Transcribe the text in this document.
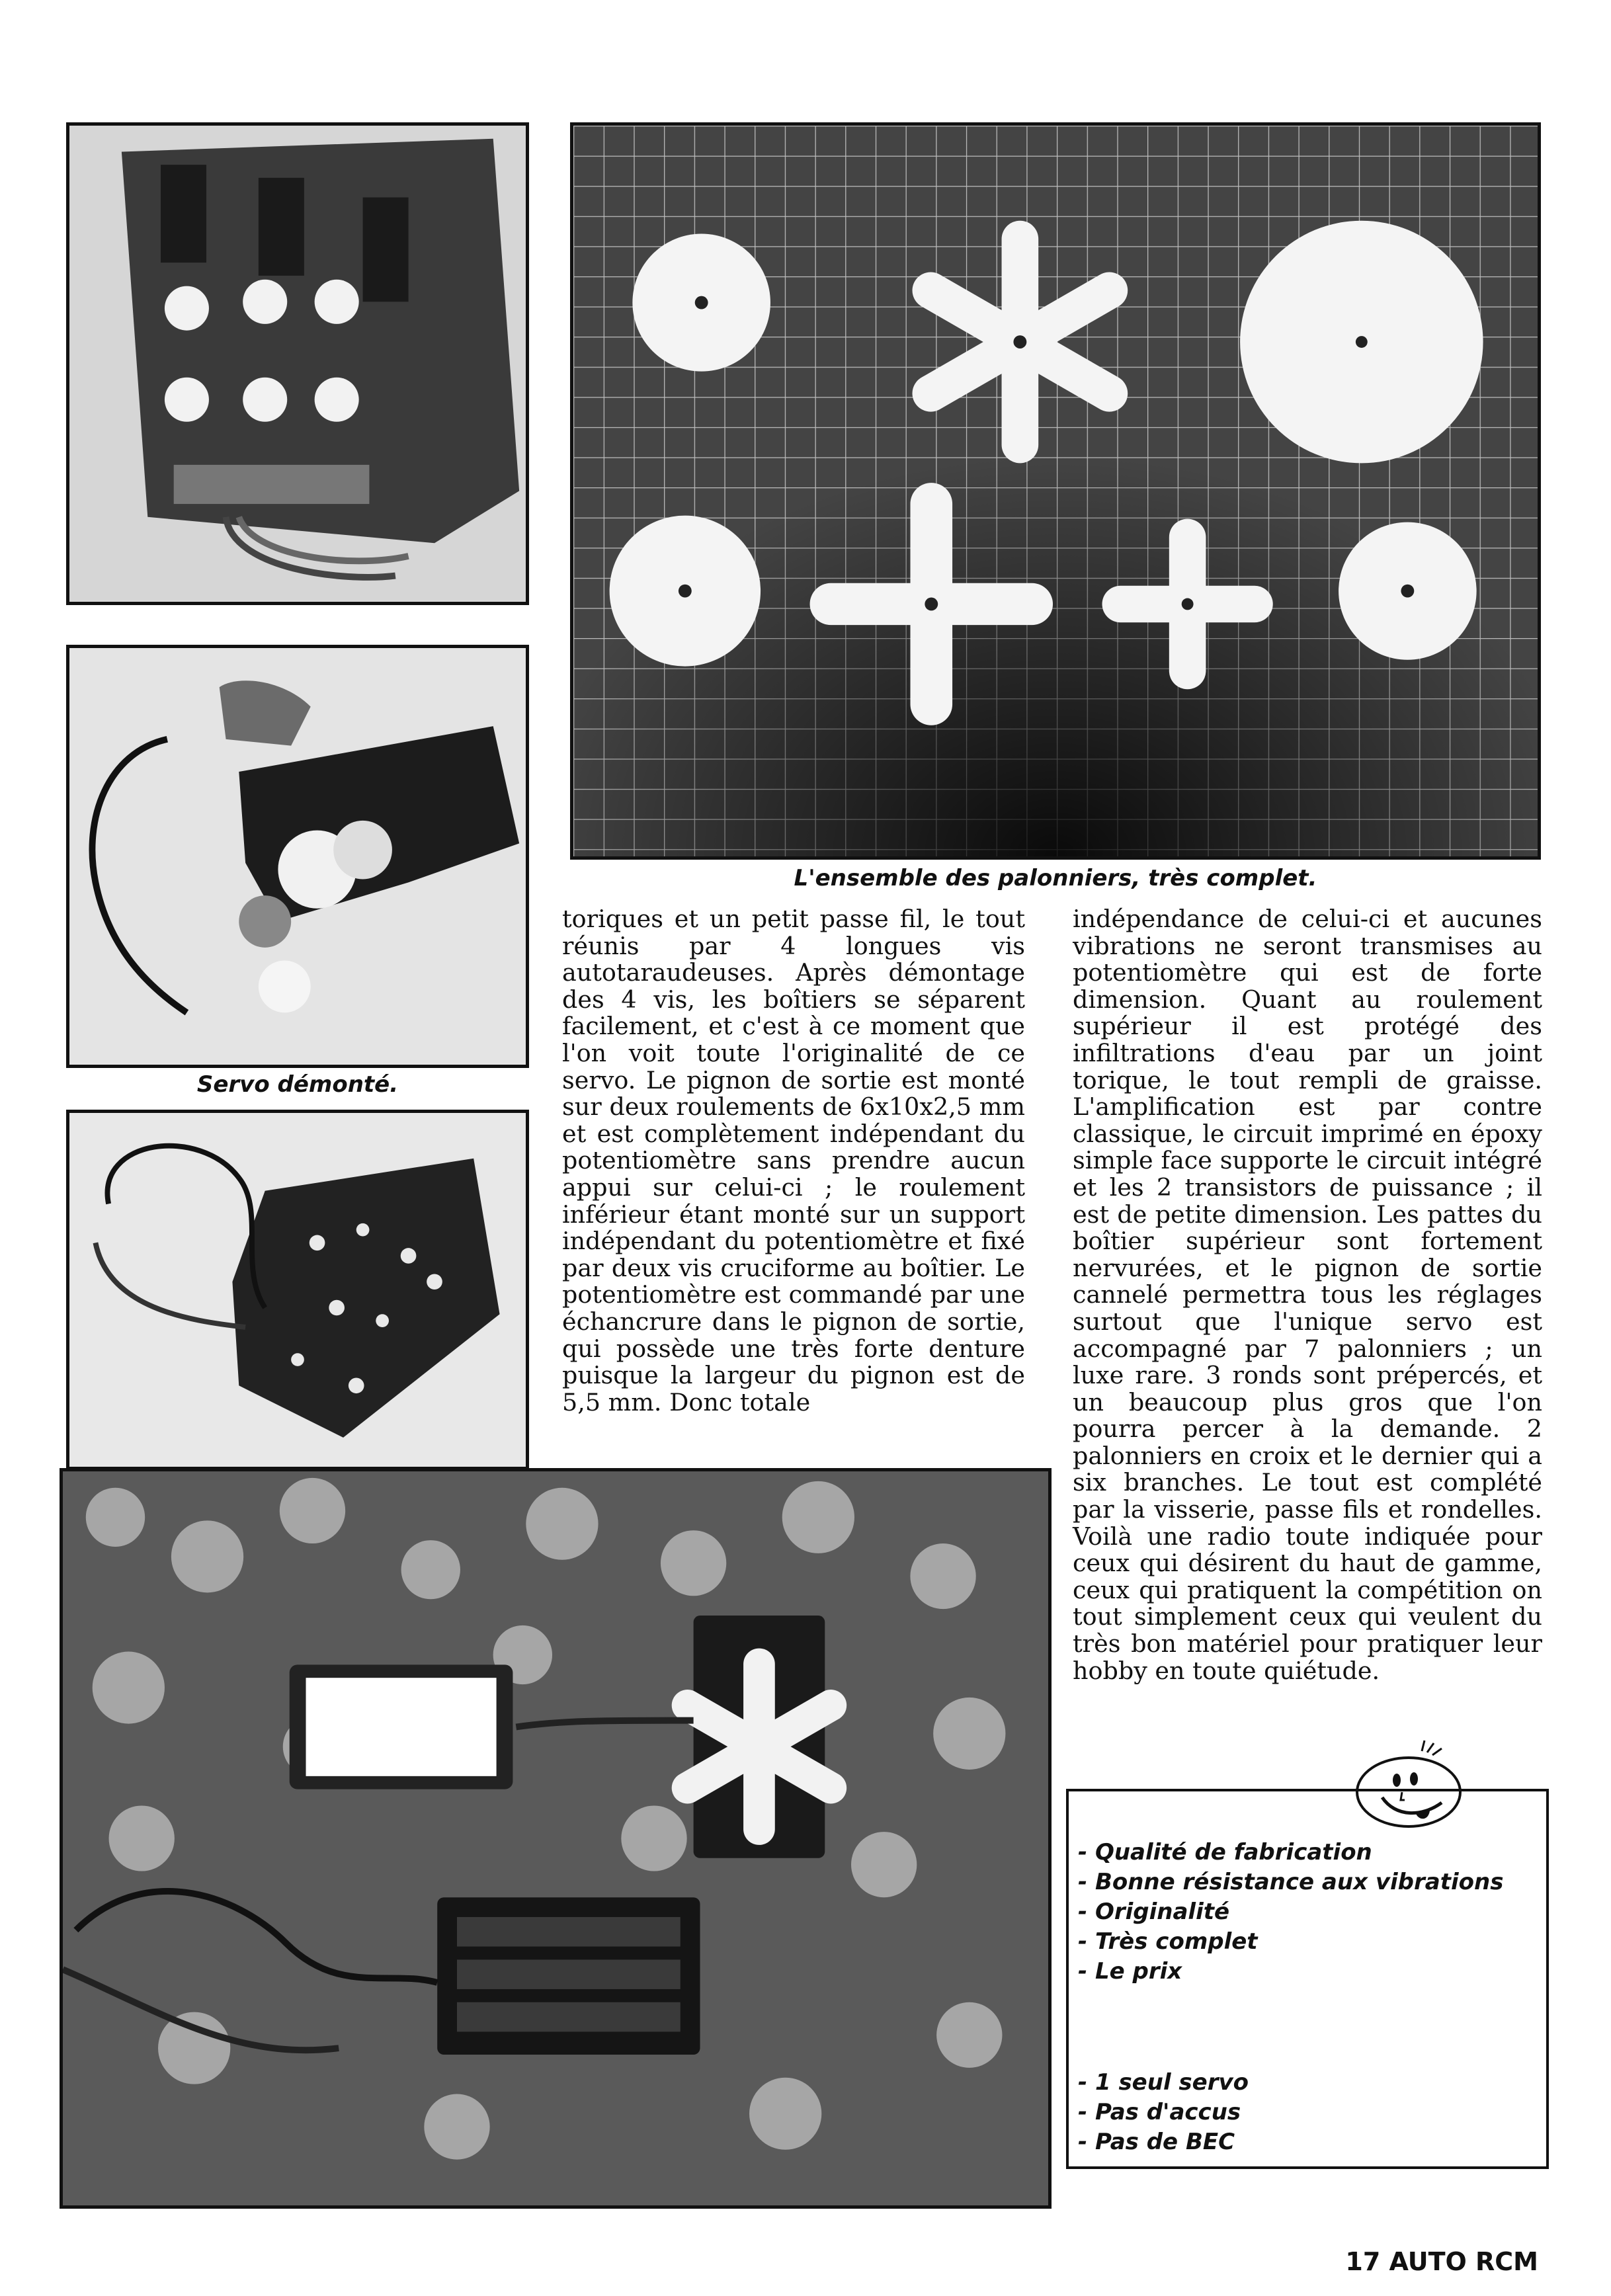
L'ensemble des palonniers, très complet.
Servo démonté.

toriques et un petit passe fil, le tout réunis par 4 longues vis autotaraudeuses. Après démontage des 4 vis, les boîtiers se séparent facilement, et c'est à ce moment que l'on voit toute l'originalité de ce servo. Le pignon de sortie est monté sur deux roulements de 6x10x2,5 mm et est complètement indépendant du potentiomètre sans prendre aucun appui sur celui-ci ; le roulement inférieur étant monté sur un support indépendant du potentiomètre et fixé par deux vis cruciforme au boîtier. Le potentiomètre est commandé par une échancrure dans le pignon de sortie, qui possède une très forte denture puisque la largeur du pignon est de 5,5 mm. Donc totale

indépendance de celui-ci et aucunes vibrations ne seront transmises au potentiomètre qui est de forte dimension. Quant au roulement supérieur il est protégé des infiltrations d'eau par un joint torique, le tout rempli de graisse. L'amplification est par contre classique, le circuit imprimé en époxy simple face supporte le circuit intégré et les 2 transistors de puissance ; il est de petite dimension. Les pattes du boîtier supérieur sont fortement nervurées, et le pignon de sortie cannelé permettra tous les réglages surtout que l'unique servo est accompagné par 7 palonniers ; un luxe rare. 3 ronds sont prépercés, et un beaucoup plus gros que l'on pourra percer à la demande. 2 palonniers en croix et le dernier qui a six branches. Le tout est complété par la visserie, passe fils et rondelles. Voilà une radio toute indiquée pour ceux qui désirent du haut de gamme, ceux qui pratiquent la compétition on tout simplement ceux qui veulent du très bon matériel pour pratiquer leur hobby en toute quiétude.

- Qualité de fabrication
- Bonne résistance aux vibrations
- Originalité
- Très complet
- Le prix
- 1 seul servo
- Pas d'accus
- Pas de BEC
17 AUTO RCM
